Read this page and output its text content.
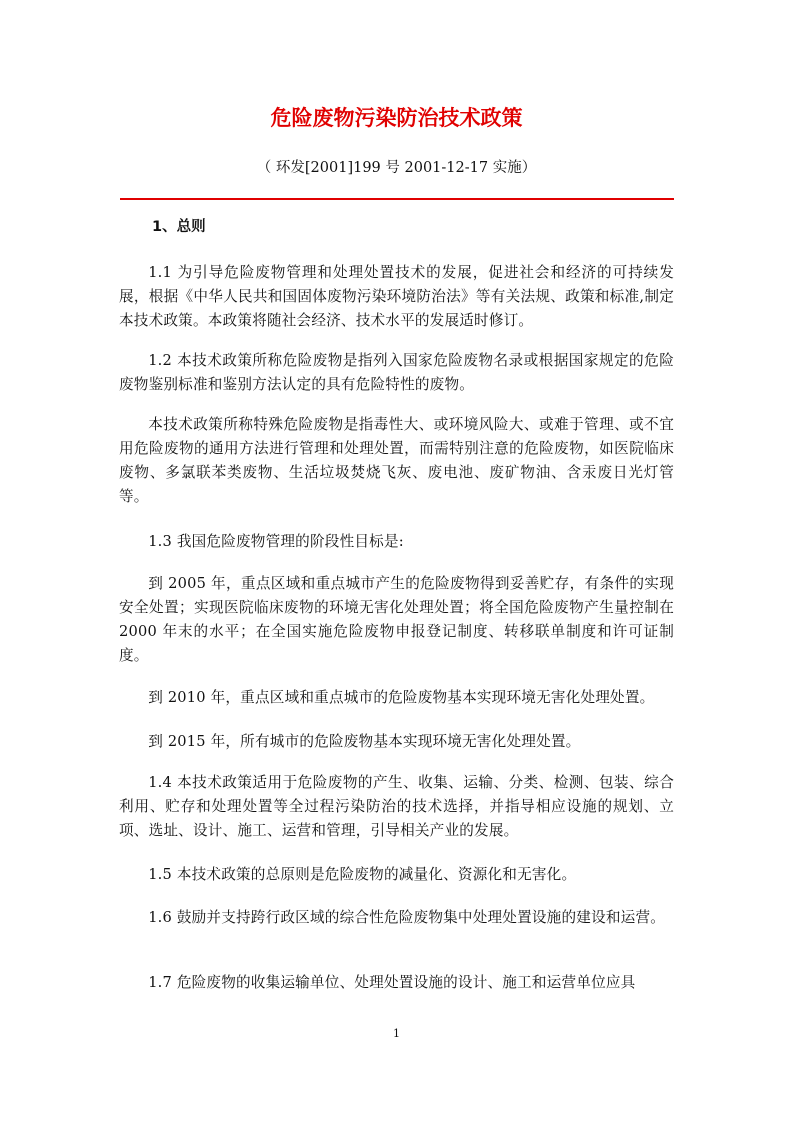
危险废物污染防治技术政策
（ 环发[2001]199 号 2001-12-17 实施）
1、总则

1.1 为引导危险废物管理和处理处置技术的发展，促进社会和经济的可持续发展，根据《中华人民共和国固体废物污染环境防治法》等有关法规、政策和标准,制定本技术政策。本政策将随社会经济、技术水平的发展适时修订。

1.2 本技术政策所称危险废物是指列入国家危险废物名录或根据国家规定的危险废物鉴别标准和鉴别方法认定的具有危险特性的废物。

本技术政策所称特殊危险废物是指毒性大、或环境风险大、或难于管理、或不宜用危险废物的通用方法进行管理和处理处置，而需特别注意的危险废物，如医院临床废物、多氯联苯类废物、生活垃圾焚烧飞灰、废电池、废矿物油、含汞废日光灯管等。

1.3 我国危险废物管理的阶段性目标是:

到 2005 年，重点区域和重点城市产生的危险废物得到妥善贮存，有条件的实现安全处置；实现医院临床废物的环境无害化处理处置；将全国危险废物产生量控制在 2000 年末的水平；在全国实施危险废物申报登记制度、转移联单制度和许可证制度。

到 2010 年，重点区域和重点城市的危险废物基本实现环境无害化处理处置。

到 2015 年，所有城市的危险废物基本实现环境无害化处理处置。

1.4 本技术政策适用于危险废物的产生、收集、运输、分类、检测、包装、综合利用、贮存和处理处置等全过程污染防治的技术选择，并指导相应设施的规划、立项、选址、设计、施工、运营和管理，引导相关产业的发展。

1.5 本技术政策的总原则是危险废物的减量化、资源化和无害化。

1.6 鼓励并支持跨行政区域的综合性危险废物集中处理处置设施的建设和运营。

1.7 危险废物的收集运输单位、处理处置设施的设计、施工和运营单位应具

1
